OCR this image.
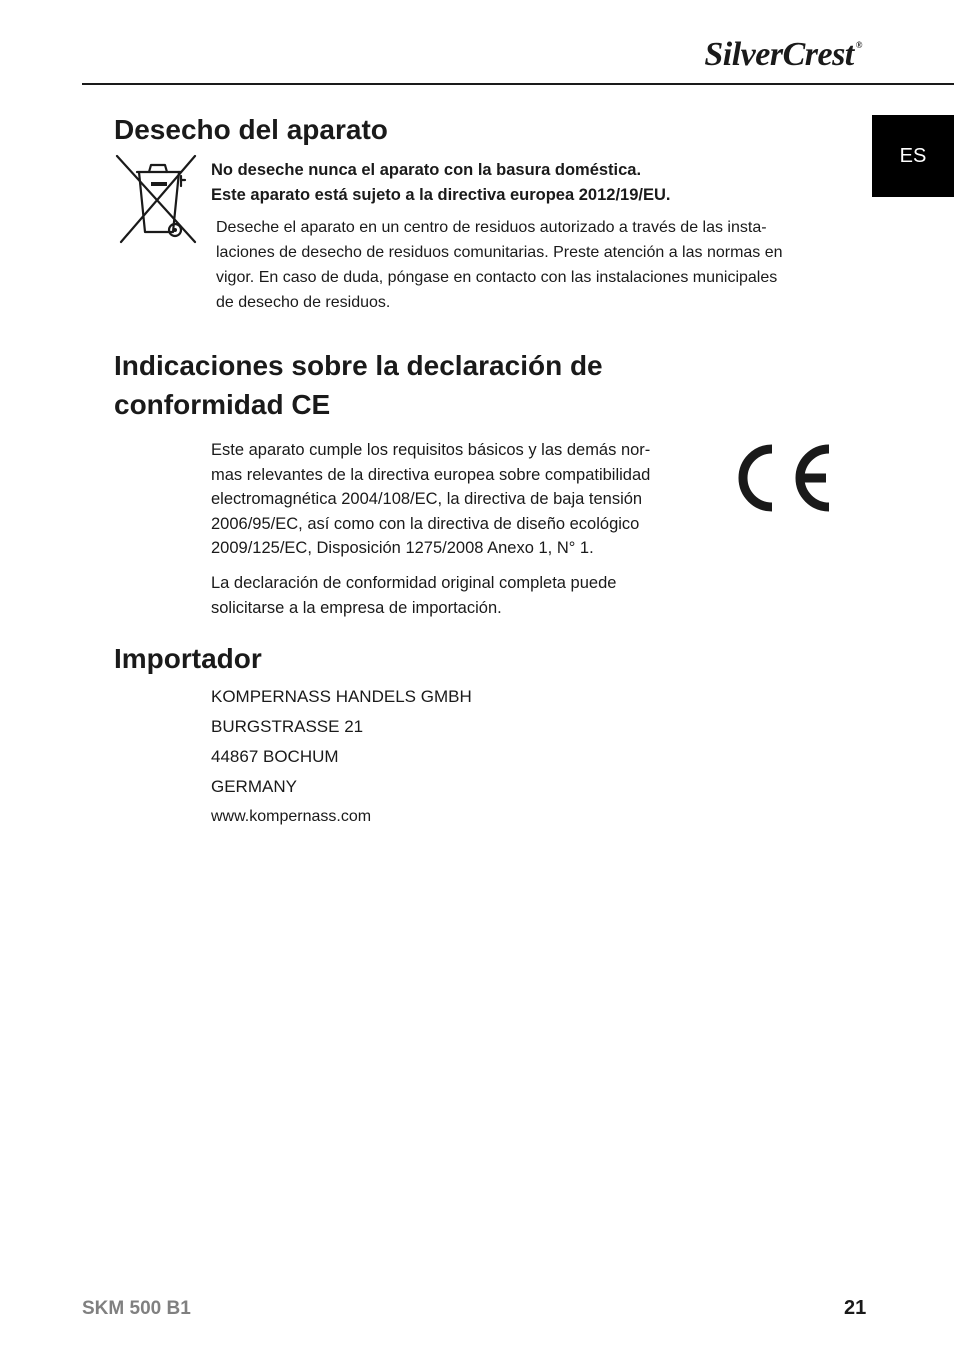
SilverCrest ®
ES
Desecho del aparato
No deseche nunca el aparato con la basura doméstica.
Este aparato está sujeto a la directiva europea 2012/19/EU.
Deseche el aparato en un centro de residuos autorizado a través de las insta-
laciones de desecho de residuos comunitarias. Preste atención a las normas en
vigor. En caso de duda, póngase en contacto con las instalaciones municipales
de desecho de residuos.
Indicaciones sobre la declaración de
conformidad CE
Este aparato cumple los requisitos básicos y las demás nor-
mas relevantes de la directiva europea sobre compatibilidad
electromagnética 2004/108/EC, la directiva de baja tensión
2006/95/EC, así como con la directiva de diseño ecológico
2009/125/EC, Disposición 1275/2008 Anexo 1, N° 1.
La declaración de conformidad original completa puede
solicitarse a la empresa de importación.
Importador
KOMPERNASS HANDELS GMBH
BURGSTRASSE 21
44867 BOCHUM
GERMANY
www.kompernass.com
SKM 500 B1	21
